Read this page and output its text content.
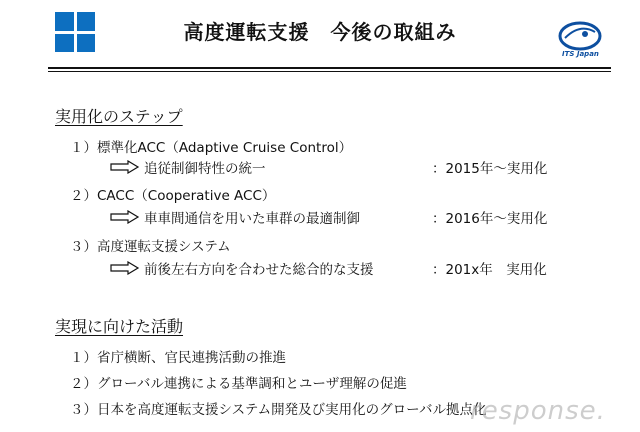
高度運転支援　今後の取組み
ITS Japan
実用化のステップ
１）標準化ACC（Adaptive Cruise Control）
追従制御特性の統一	：2015年～実用化
２）CACC（Cooperative ACC）
車車間通信を用いた車群の最適制御	：2016年～実用化
３）高度運転支援システム
前後左右方向を合わせた総合的な支援	：201x年　実用化
実現に向けた活動
１）省庁横断、官民連携活動の推進
２）グローバル連携による基準調和とユーザ理解の促進
３）日本を高度運転支援システム開発及び実用化のグローバル拠点化
response.
